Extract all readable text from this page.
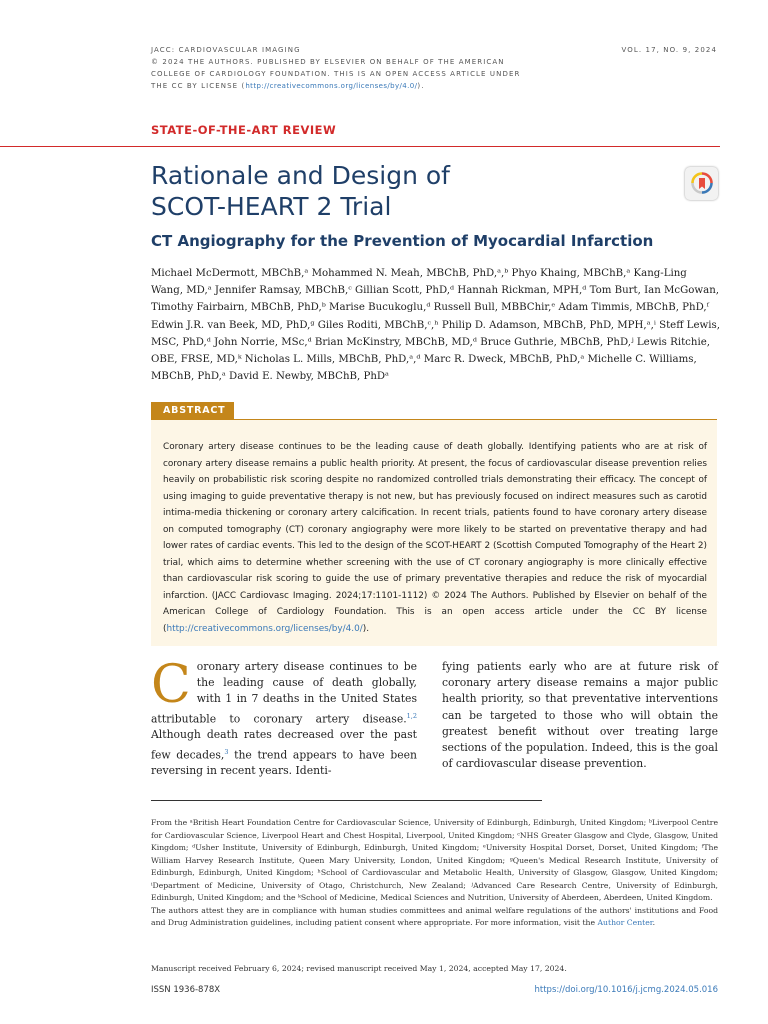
JACC: CARDIOVASCULAR IMAGING
© 2024 THE AUTHORS. PUBLISHED BY ELSEVIER ON BEHALF OF THE AMERICAN
COLLEGE OF CARDIOLOGY FOUNDATION. THIS IS AN OPEN ACCESS ARTICLE UNDER
THE CC BY LICENSE (http://creativecommons.org/licenses/by/4.0/).
VOL. 17, NO. 9, 2024
STATE-OF-THE-ART REVIEW
Rationale and Design of
SCOT-HEART 2 Trial
CT Angiography for the Prevention of Myocardial Infarction
Michael McDermott, MBChB,ᵃ Mohammed N. Meah, MBChB, PhD,ᵃ,ᵇ Phyo Khaing, MBChB,ᵃ Kang-Ling Wang, MD,ᵃ Jennifer Ramsay, MBChB,ᶜ Gillian Scott, PhD,ᵈ Hannah Rickman, MPH,ᵈ Tom Burt, Ian McGowan, Timothy Fairbairn, MBChB, PhD,ᵇ Marise Bucukoglu,ᵈ Russell Bull, MBBChir,ᵉ Adam Timmis, MBChB, PhD,ᶠ Edwin J.R. van Beek, MD, PhD,ᵍ Giles Roditi, MBChB,ᶜ,ʰ Philip D. Adamson, MBChB, PhD, MPH,ᵃ,ⁱ Steff Lewis, MSC, PhD,ᵈ John Norrie, MSc,ᵈ Brian McKinstry, MBChB, MD,ᵈ Bruce Guthrie, MBChB, PhD,ʲ Lewis Ritchie, OBE, FRSE, MD,ᵏ Nicholas L. Mills, MBChB, PhD,ᵃ,ᵈ Marc R. Dweck, MBChB, PhD,ᵃ Michelle C. Williams, MBChB, PhD,ᵃ David E. Newby, MBChB, PhDᵃ
ABSTRACT

Coronary artery disease continues to be the leading cause of death globally. Identifying patients who are at risk of coronary artery disease remains a public health priority. At present, the focus of cardiovascular disease prevention relies heavily on probabilistic risk scoring despite no randomized controlled trials demonstrating their efficacy. The concept of using imaging to guide preventative therapy is not new, but has previously focused on indirect measures such as carotid intima-media thickening or coronary artery calcification. In recent trials, patients found to have coronary artery disease on computed tomography (CT) coronary angiography were more likely to be started on preventative therapy and had lower rates of cardiac events. This led to the design of the SCOT-HEART 2 (Scottish Computed Tomography of the Heart 2) trial, which aims to determine whether screening with the use of CT coronary angiography is more clinically effective than cardiovascular risk scoring to guide the use of primary preventative therapies and reduce the risk of myocardial infarction. (JACC Cardiovasc Imaging. 2024;17:1101-1112) © 2024 The Authors. Published by Elsevier on behalf of the American College of Cardiology Foundation. This is an open access article under the CC BY license (http://creativecommons.org/licenses/by/4.0/).

Coronary artery disease continues to be the leading cause of death globally, with 1 in 7 deaths in the United States attributable to coronary artery disease.$^{1,2}$ Although death rates decreased over the past few decades,$^3$ the trend appears to have been reversing in recent years. Identi-
fying patients early who are at future risk of coronary artery disease remains a major public health priority, so that preventative interventions can be targeted to those who will obtain the greatest benefit without over treating large sections of the population. Indeed, this is the goal of cardiovascular disease prevention.

From the ᵃBritish Heart Foundation Centre for Cardiovascular Science, University of Edinburgh, Edinburgh, United Kingdom; ᵇLiverpool Centre for Cardiovascular Science, Liverpool Heart and Chest Hospital, Liverpool, United Kingdom; ᶜNHS Greater Glasgow and Clyde, Glasgow, United Kingdom; ᵈUsher Institute, University of Edinburgh, Edinburgh, United Kingdom; ᵉUniversity Hospital Dorset, Dorset, United Kingdom; ᶠThe William Harvey Research Institute, Queen Mary University, London, United Kingdom; ᵍQueen's Medical Research Institute, University of Edinburgh, Edinburgh, United Kingdom; ʰSchool of Cardiovascular and Metabolic Health, University of Glasgow, Glasgow, United Kingdom; ⁱDepartment of Medicine, University of Otago, Christchurch, New Zealand; ʲAdvanced Care Research Centre, University of Edinburgh, Edinburgh, United Kingdom; and the ᵏSchool of Medicine, Medical Sciences and Nutrition, University of Aberdeen, Aberdeen, United Kingdom.

The authors attest they are in compliance with human studies committees and animal welfare regulations of the authors' institutions and Food and Drug Administration guidelines, including patient consent where appropriate. For more information, visit the Author Center.

Manuscript received February 6, 2024; revised manuscript received May 1, 2024, accepted May 17, 2024.
ISSN 1936-878X	https://doi.org/10.1016/j.jcmg.2024.05.016
